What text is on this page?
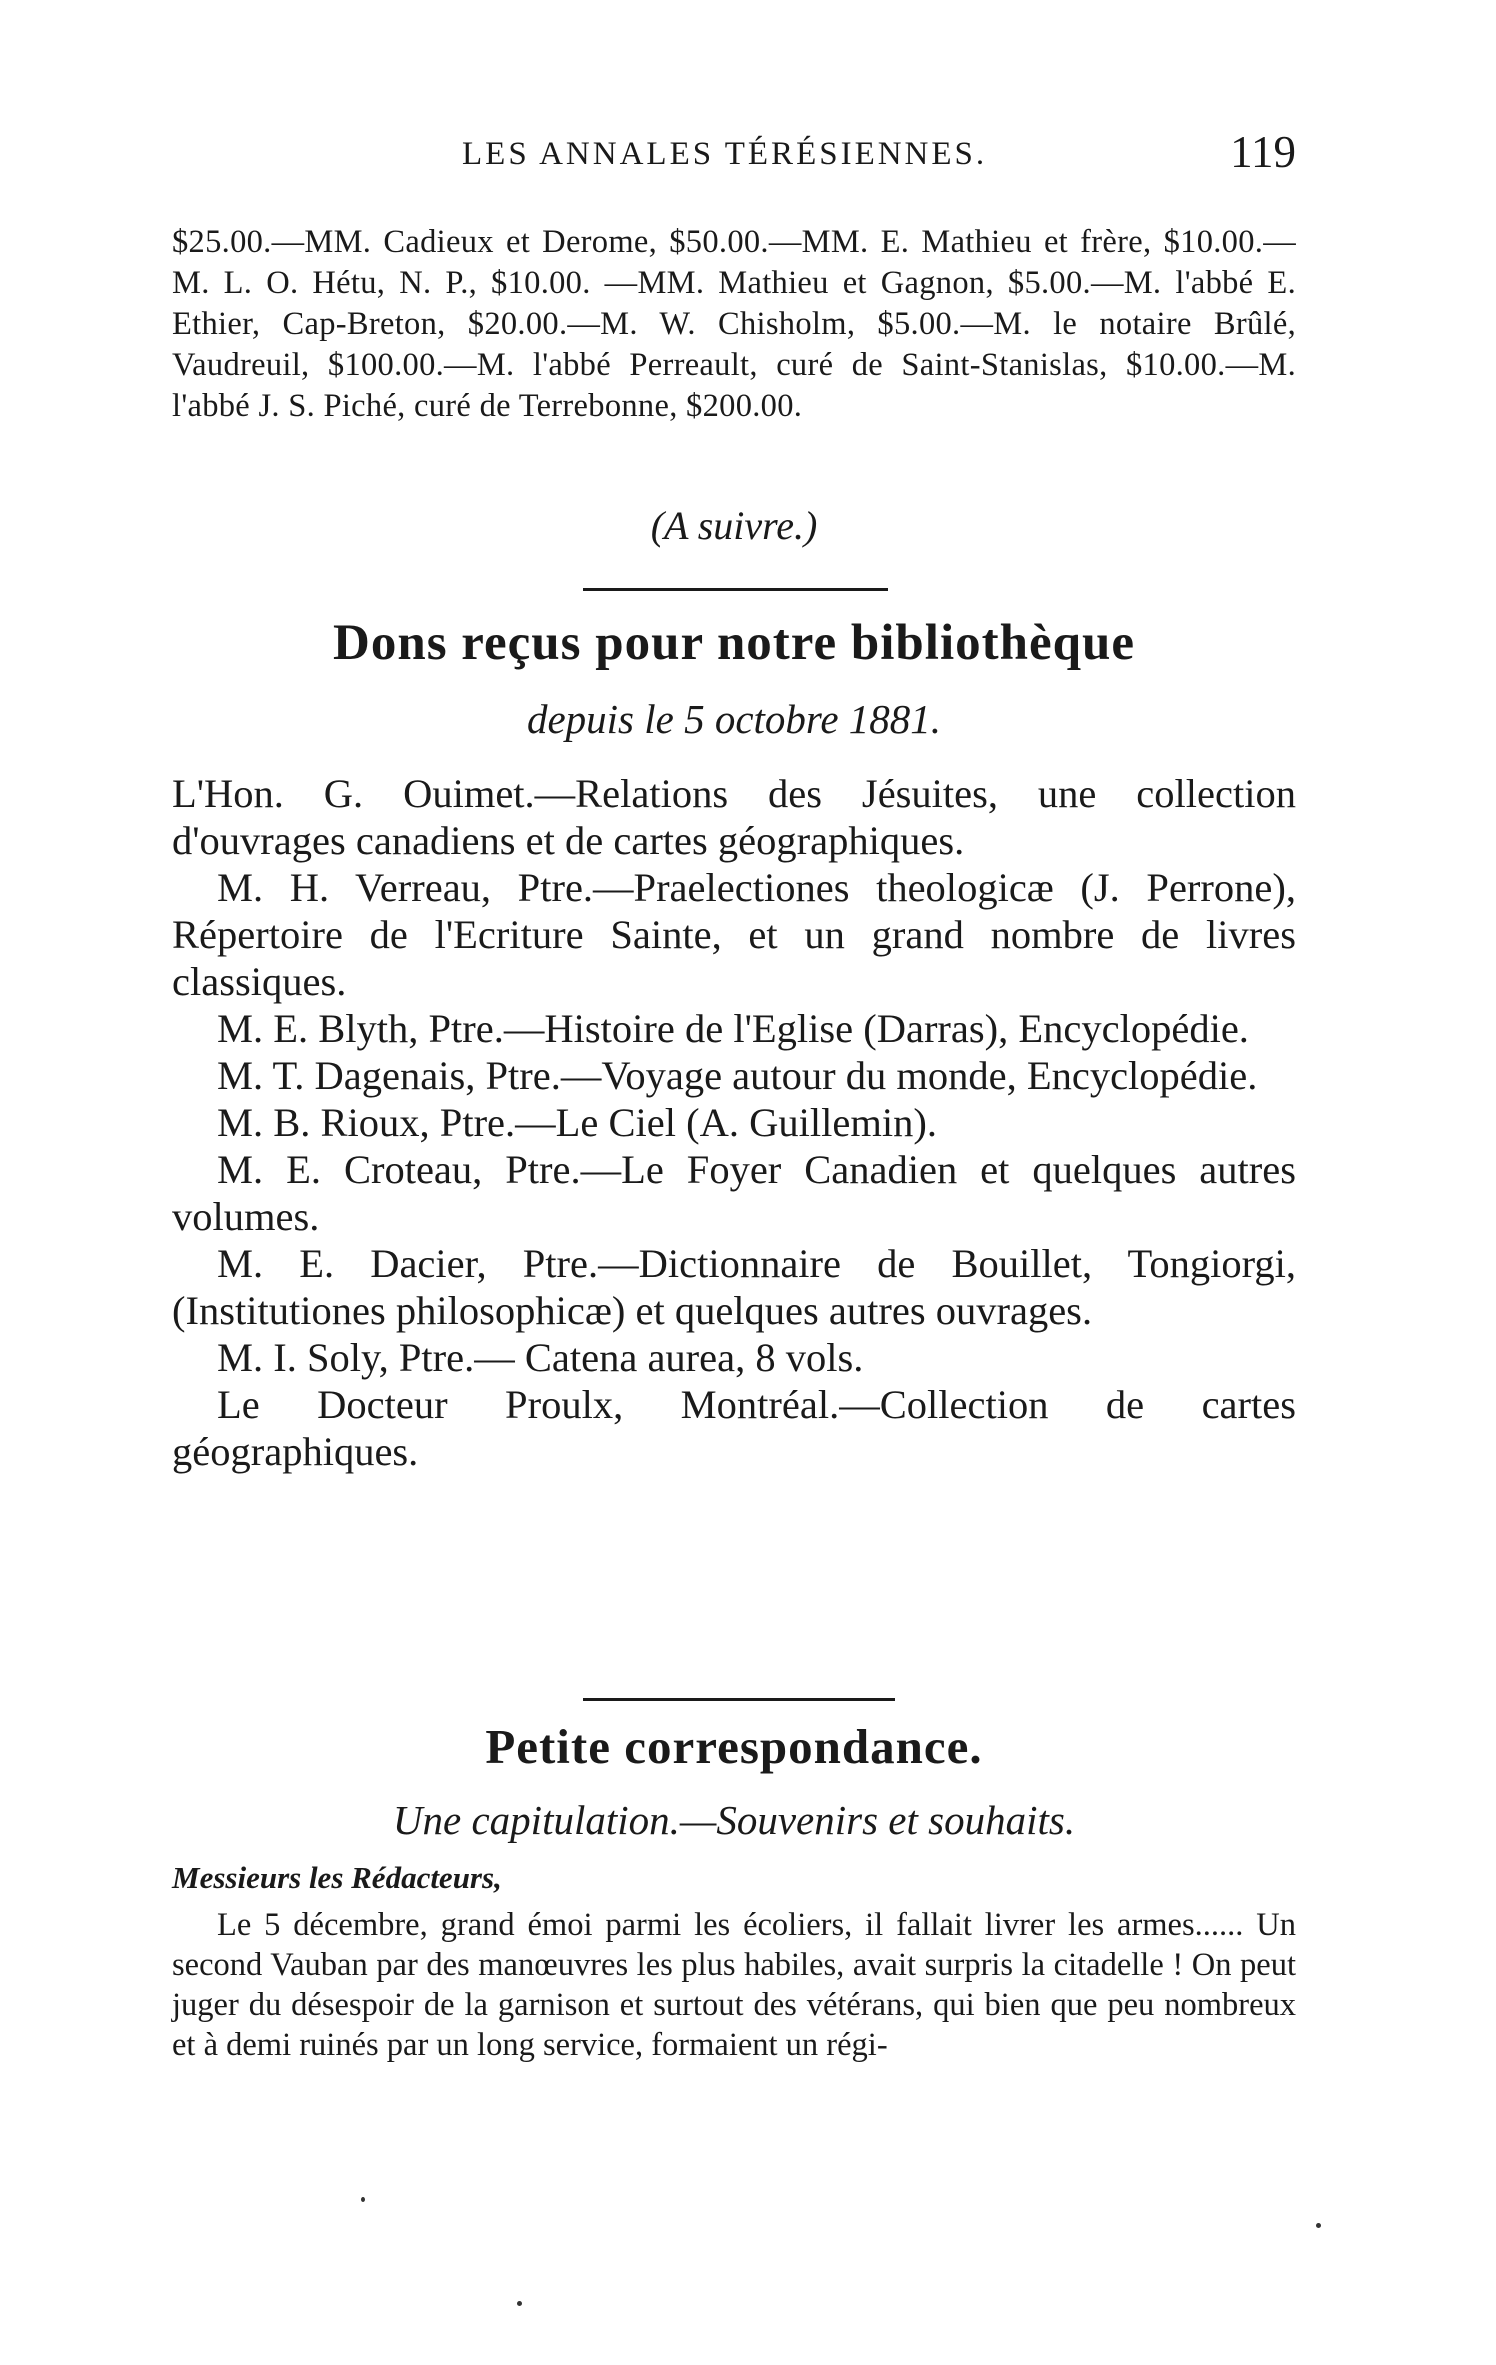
LES ANNALES TÉRÉSIENNES.	119

$25.00.—MM. Cadieux et Derome, $50.00.—MM. E. Mathieu et frère, $10.00.—M. L. O. Hétu, N. P., $10.00. —MM. Mathieu et Gagnon, $5.00.—M. l'abbé E. Ethier, Cap-Breton, $20.00.—M. W. Chisholm, $5.00.—M. le notaire Brûlé, Vaudreuil, $100.00.—M. l'abbé Perreault, curé de Saint-Stanislas, $10.00.—M. l'abbé J. S. Piché, curé de Terrebonne, $200.00.

(A suivre.)
Dons reçus pour notre bibliothèque
depuis le 5 octobre 1881.

L'Hon. G. Ouimet.—Relations des Jésuites, une collection d'ouvrages canadiens et de cartes géographiques.

M. H. Verreau, Ptre.—Praelectiones theologicæ (J. Perrone), Répertoire de l'Ecriture Sainte, et un grand nombre de livres classiques.

M. E. Blyth, Ptre.—Histoire de l'Eglise (Darras), Encyclopédie.

M. T. Dagenais, Ptre.—Voyage autour du monde, Encyclopédie.

M. B. Rioux, Ptre.—Le Ciel (A. Guillemin).

M. E. Croteau, Ptre.—Le Foyer Canadien et quelques autres volumes.

M. E. Dacier, Ptre.—Dictionnaire de Bouillet, Tongiorgi, (Institutiones philosophicæ) et quelques autres ouvrages.

M. I. Soly, Ptre.— Catena aurea, 8 vols.

Le Docteur Proulx, Montréal.—Collection de cartes géographiques.

Petite correspondance.
Une capitulation.—Souvenirs et souhaits.
Messieurs les Rédacteurs,

Le 5 décembre, grand émoi parmi les écoliers, il fallait livrer les armes...... Un second Vauban par des manœuvres les plus habiles, avait surpris la citadelle ! On peut juger du désespoir de la garnison et surtout des vétérans, qui bien que peu nombreux et à demi ruinés par un long service, formaient un régi-
